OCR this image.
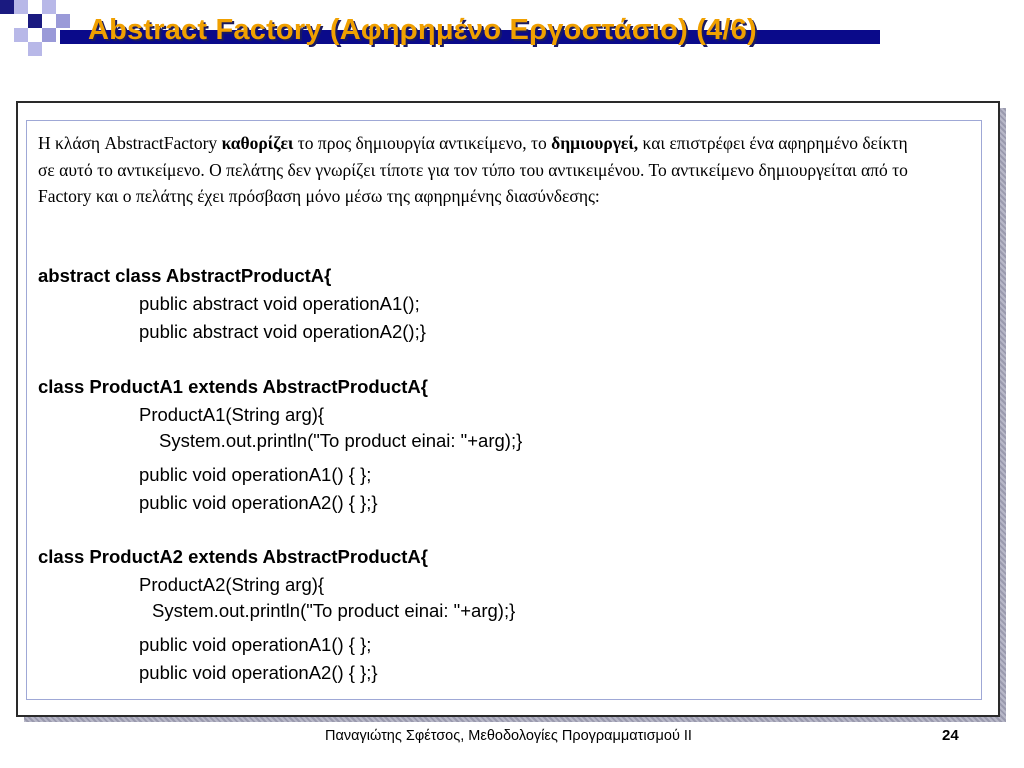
Abstract Factory (Αφηρημένο Εργοστάσιο) (4/6)
Η κλάση AbstractFactory καθορίζει το προς δημιουργία αντικείμενο, το δημιουργεί, και επιστρέφει ένα αφηρημένο δείκτη σε αυτό το αντικείμενο. Ο πελάτης δεν γνωρίζει τίποτε για τον τύπο του αντικειμένου. Το αντικείμενο δημιουργείται από το Factory και ο πελάτης έχει πρόσβαση μόνο μέσω της αφηρημένης διασύνδεσης:
abstract class AbstractProductA{
public abstract void operationA1();
public abstract void operationA2();}
class ProductA1 extends AbstractProductA{
ProductA1(String arg){
System.out.println("To product einai: "+arg);}
public void operationA1() { };
public void operationA2() { };}
class ProductA2 extends AbstractProductA{
ProductA2(String arg){
System.out.println("To product einai: "+arg);}
public void operationA1() { };
public void operationA2() { };}
Παναγιώτης Σφέτσος, Μεθοδολογίες Προγραμματισμού ΙΙ	24
